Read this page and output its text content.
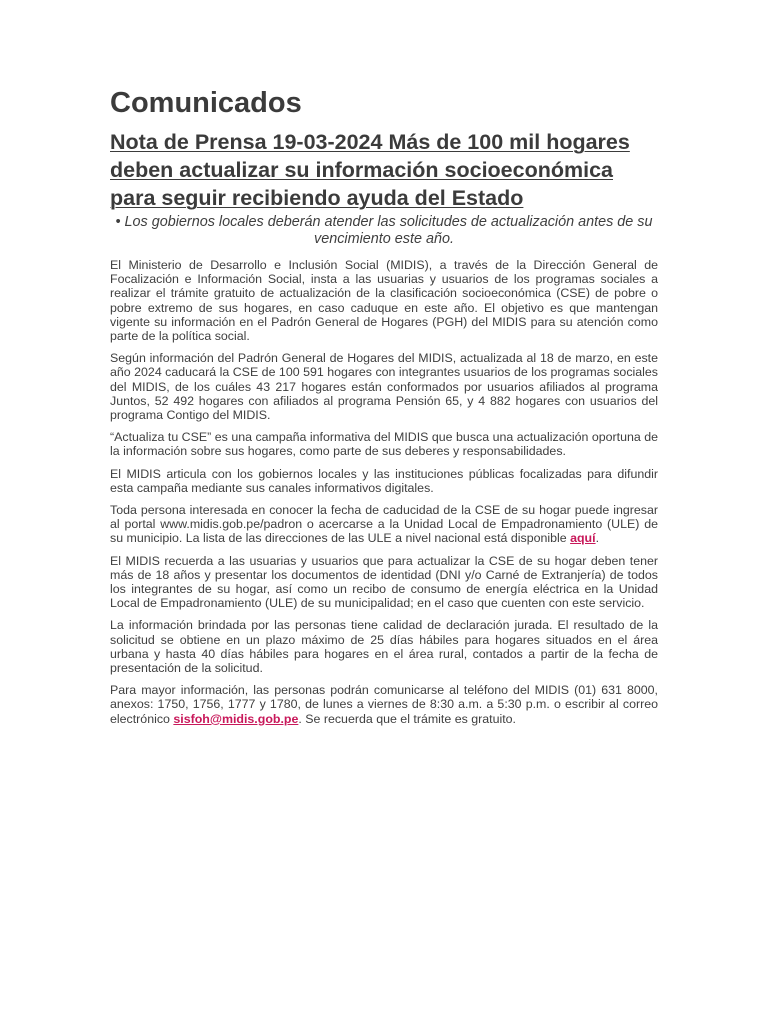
Comunicados
Nota de Prensa 19-03-2024 Más de 100 mil hogares deben actualizar su información socioeconómica para seguir recibiendo ayuda del Estado

• Los gobiernos locales deberán atender las solicitudes de actualización antes de su vencimiento este año.

El Ministerio de Desarrollo e Inclusión Social (MIDIS), a través de la Dirección General de Focalización e Información Social, insta a las usuarias y usuarios de los programas sociales a realizar el trámite gratuito de actualización de la clasificación socioeconómica (CSE) de pobre o pobre extremo de sus hogares, en caso caduque en este año. El objetivo es que mantengan vigente su información en el Padrón General de Hogares (PGH) del MIDIS para su atención como parte de la política social.

Según información del Padrón General de Hogares del MIDIS, actualizada al 18 de marzo, en este año 2024 caducará la CSE de 100 591 hogares con integrantes usuarios de los programas sociales del MIDIS, de los cuáles 43 217 hogares están conformados por usuarios afiliados al programa Juntos, 52 492 hogares con afiliados al programa Pensión 65, y 4 882 hogares con usuarios del programa Contigo del MIDIS.

“Actualiza tu CSE” es una campaña informativa del MIDIS que busca una actualización oportuna de la información sobre sus hogares, como parte de sus deberes y responsabilidades.

El MIDIS articula con los gobiernos locales y las instituciones públicas focalizadas para difundir esta campaña mediante sus canales informativos digitales.

Toda persona interesada en conocer la fecha de caducidad de la CSE de su hogar puede ingresar al portal www.midis.gob.pe/padron o acercarse a la Unidad Local de Empadronamiento (ULE) de su municipio. La lista de las direcciones de las ULE a nivel nacional está disponible aquí.

El MIDIS recuerda a las usuarias y usuarios que para actualizar la CSE de su hogar deben tener más de 18 años y presentar los documentos de identidad (DNI y/o Carné de Extranjería) de todos los integrantes de su hogar, así como un recibo de consumo de energía eléctrica en la Unidad Local de Empadronamiento (ULE) de su municipalidad; en el caso que cuenten con este servicio.

La información brindada por las personas tiene calidad de declaración jurada. El resultado de la solicitud se obtiene en un plazo máximo de 25 días hábiles para hogares situados en el área urbana y hasta 40 días hábiles para hogares en el área rural, contados a partir de la fecha de presentación de la solicitud.

Para mayor información, las personas podrán comunicarse al teléfono del MIDIS (01) 631 8000, anexos: 1750, 1756, 1777 y 1780, de lunes a viernes de 8:30 a.m. a 5:30 p.m. o escribir al correo electrónico sisfoh@midis.gob.pe. Se recuerda que el trámite es gratuito.
